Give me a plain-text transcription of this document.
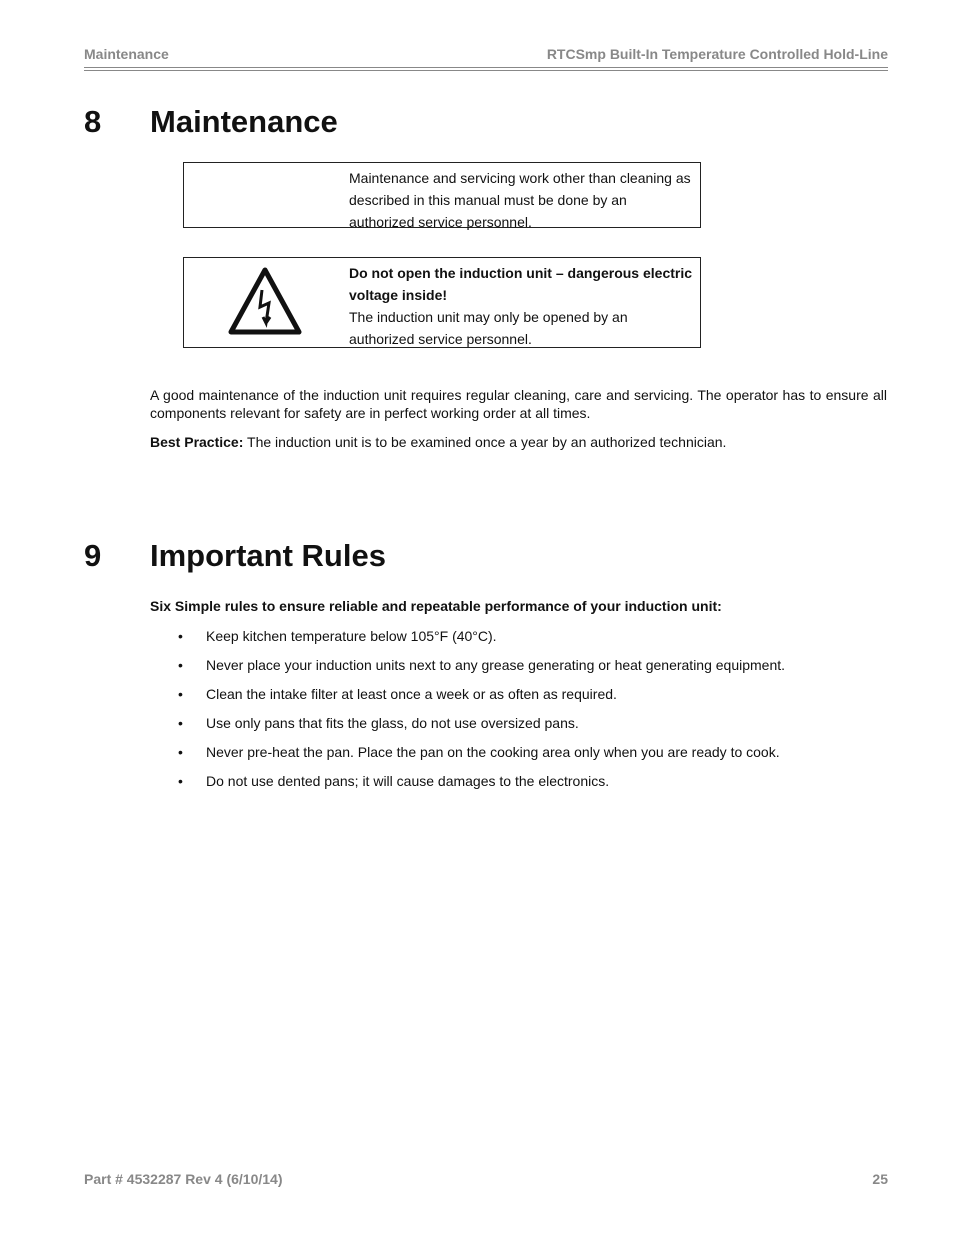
Maintenance	RTCSmp Built-In Temperature Controlled Hold-Line
8 Maintenance
Maintenance and servicing work other than cleaning as described in this manual must be done by an authorized service personnel.
Do not open the induction unit – dangerous electric voltage inside!
The induction unit may only be opened by an authorized service personnel.
A good maintenance of the induction unit requires regular cleaning, care and servicing. The operator has to ensure all components relevant for safety are in perfect working order at all times.
Best Practice: The induction unit is to be examined once a year by an authorized technician.
9 Important Rules
Six Simple rules to ensure reliable and repeatable performance of your induction unit:
• Keep kitchen temperature below 105°F (40°C).
• Never place your induction units next to any grease generating or heat generating equipment.
• Clean the intake filter at least once a week or as often as required.
• Use only pans that fits the glass, do not use oversized pans.
• Never pre-heat the pan. Place the pan on the cooking area only when you are ready to cook.
• Do not use dented pans; it will cause damages to the electronics.
Part # 4532287 Rev 4 (6/10/14)	25
